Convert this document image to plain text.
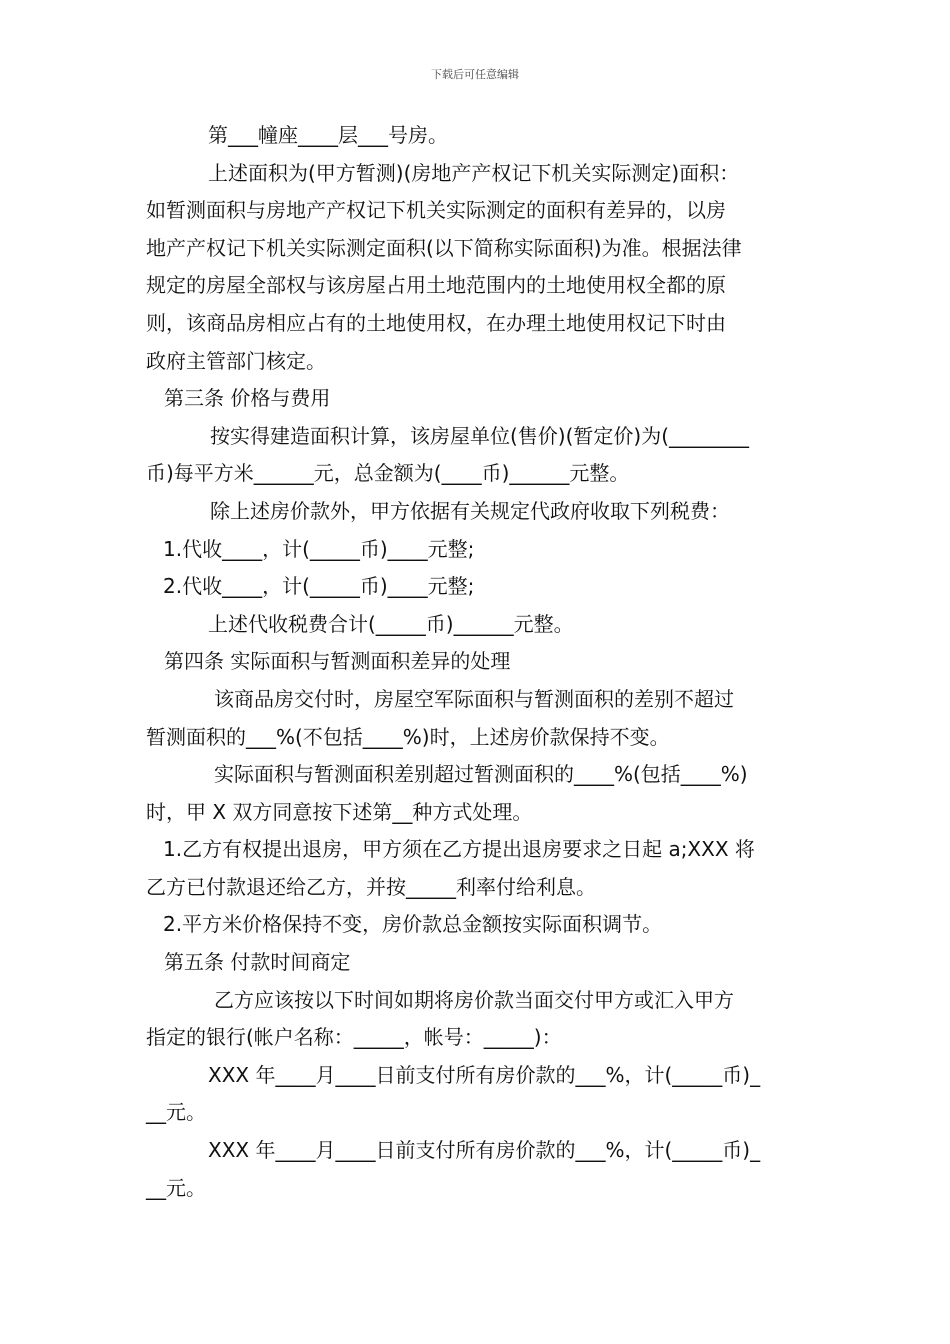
下载后可任意编辑

第___幢座____层___号房。

上述面积为(甲方暂测)(房地产产权记下机关实际测定)面积：

如暂测面积与房地产产权记下机关实际测定的面积有差异的，以房

地产产权记下机关实际测定面积(以下简称实际面积)为准。根据法律

规定的房屋全部权与该房屋占用土地范围内的土地使用权全都的原

则，该商品房相应占有的土地使用权，在办理土地使用权记下时由

政府主管部门核定。

第三条 价格与费用

按实得建造面积计算，该房屋单位(售价)(暂定价)为(________

币)每平方米______元，总金额为(____币)______元整。

除上述房价款外，甲方依据有关规定代政府收取下列税费：

1.代收____，计(_____币)____元整;

2.代收____，计(_____币)____元整;

上述代收税费合计(_____币)______元整。

第四条 实际面积与暂测面积差异的处理

该商品房交付时，房屋空军际面积与暂测面积的差别不超过

暂测面积的___%(不包括____%)时，上述房价款保持不变。

实际面积与暂测面积差别超过暂测面积的____%(包括____%)

时，甲 X 双方同意按下述第__种方式处理。

1.乙方有权提出退房，甲方须在乙方提出退房要求之日起 a;XXX 将

乙方已付款退还给乙方，并按_____利率付给利息。

2.平方米价格保持不变，房价款总金额按实际面积调节。

第五条 付款时间商定

乙方应该按以下时间如期将房价款当面交付甲方或汇入甲方

指定的银行(帐户名称：_____，帐号：_____)：

XXX 年____月____日前支付所有房价款的___%，计(_____币)_

__元。

XXX 年____月____日前支付所有房价款的___%，计(_____币)_

__元。
